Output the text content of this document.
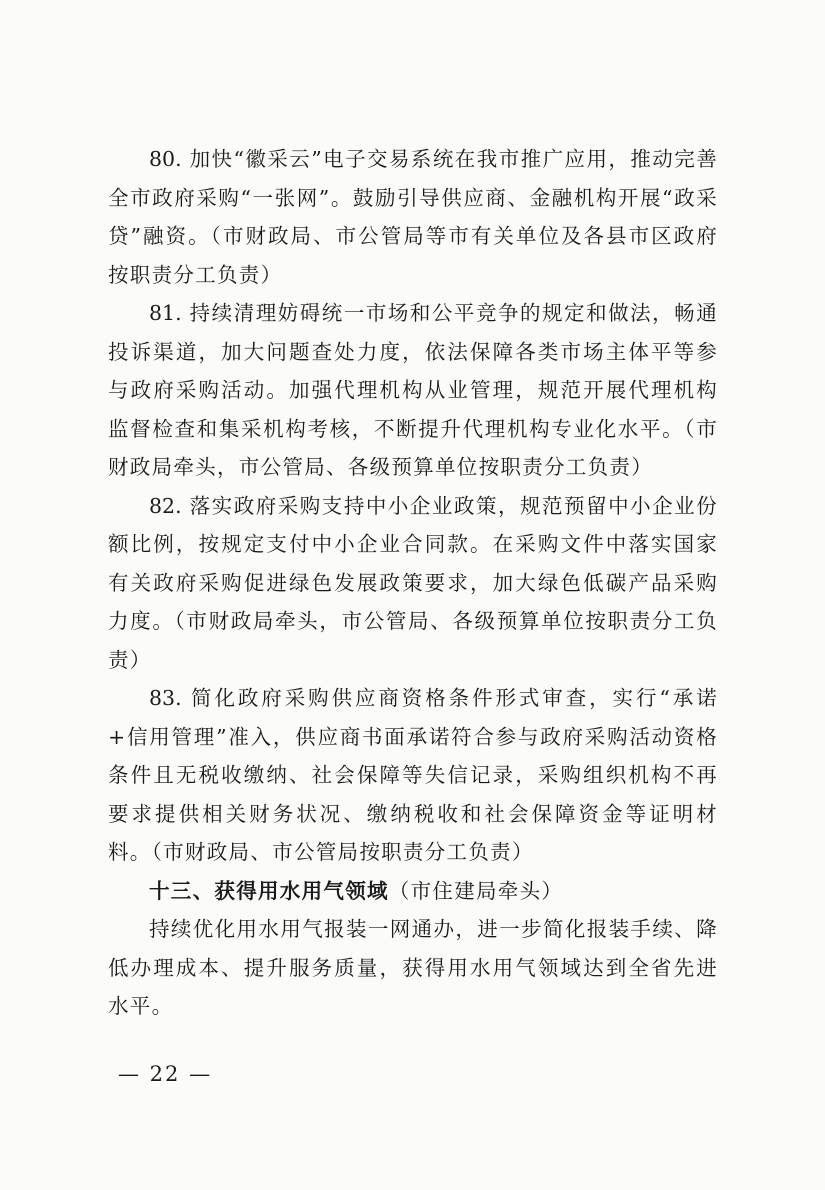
80. 加快“徽采云”电子交易系统在我市推广应用，推动完善全市政府采购“一张网”。鼓励引导供应商、金融机构开展“政采贷”融资。（市财政局、市公管局等市有关单位及各县市区政府按职责分工负责）

81. 持续清理妨碍统一市场和公平竞争的规定和做法，畅通投诉渠道，加大问题查处力度，依法保障各类市场主体平等参与政府采购活动。加强代理机构从业管理，规范开展代理机构监督检查和集采机构考核，不断提升代理机构专业化水平。（市财政局牵头，市公管局、各级预算单位按职责分工负责）

82. 落实政府采购支持中小企业政策，规范预留中小企业份额比例，按规定支付中小企业合同款。在采购文件中落实国家有关政府采购促进绿色发展政策要求，加大绿色低碳产品采购力度。（市财政局牵头，市公管局、各级预算单位按职责分工负责）

83. 简化政府采购供应商资格条件形式审查，实行“承诺+信用管理”准入，供应商书面承诺符合参与政府采购活动资格条件且无税收缴纳、社会保障等失信记录，采购组织机构不再要求提供相关财务状况、缴纳税收和社会保障资金等证明材料。（市财政局、市公管局按职责分工负责）

十三、获得用水用气领域（市住建局牵头）

持续优化用水用气报装一网通办，进一步简化报装手续、降低办理成本、提升服务质量，获得用水用气领域达到全省先进水平。

— 22 —
